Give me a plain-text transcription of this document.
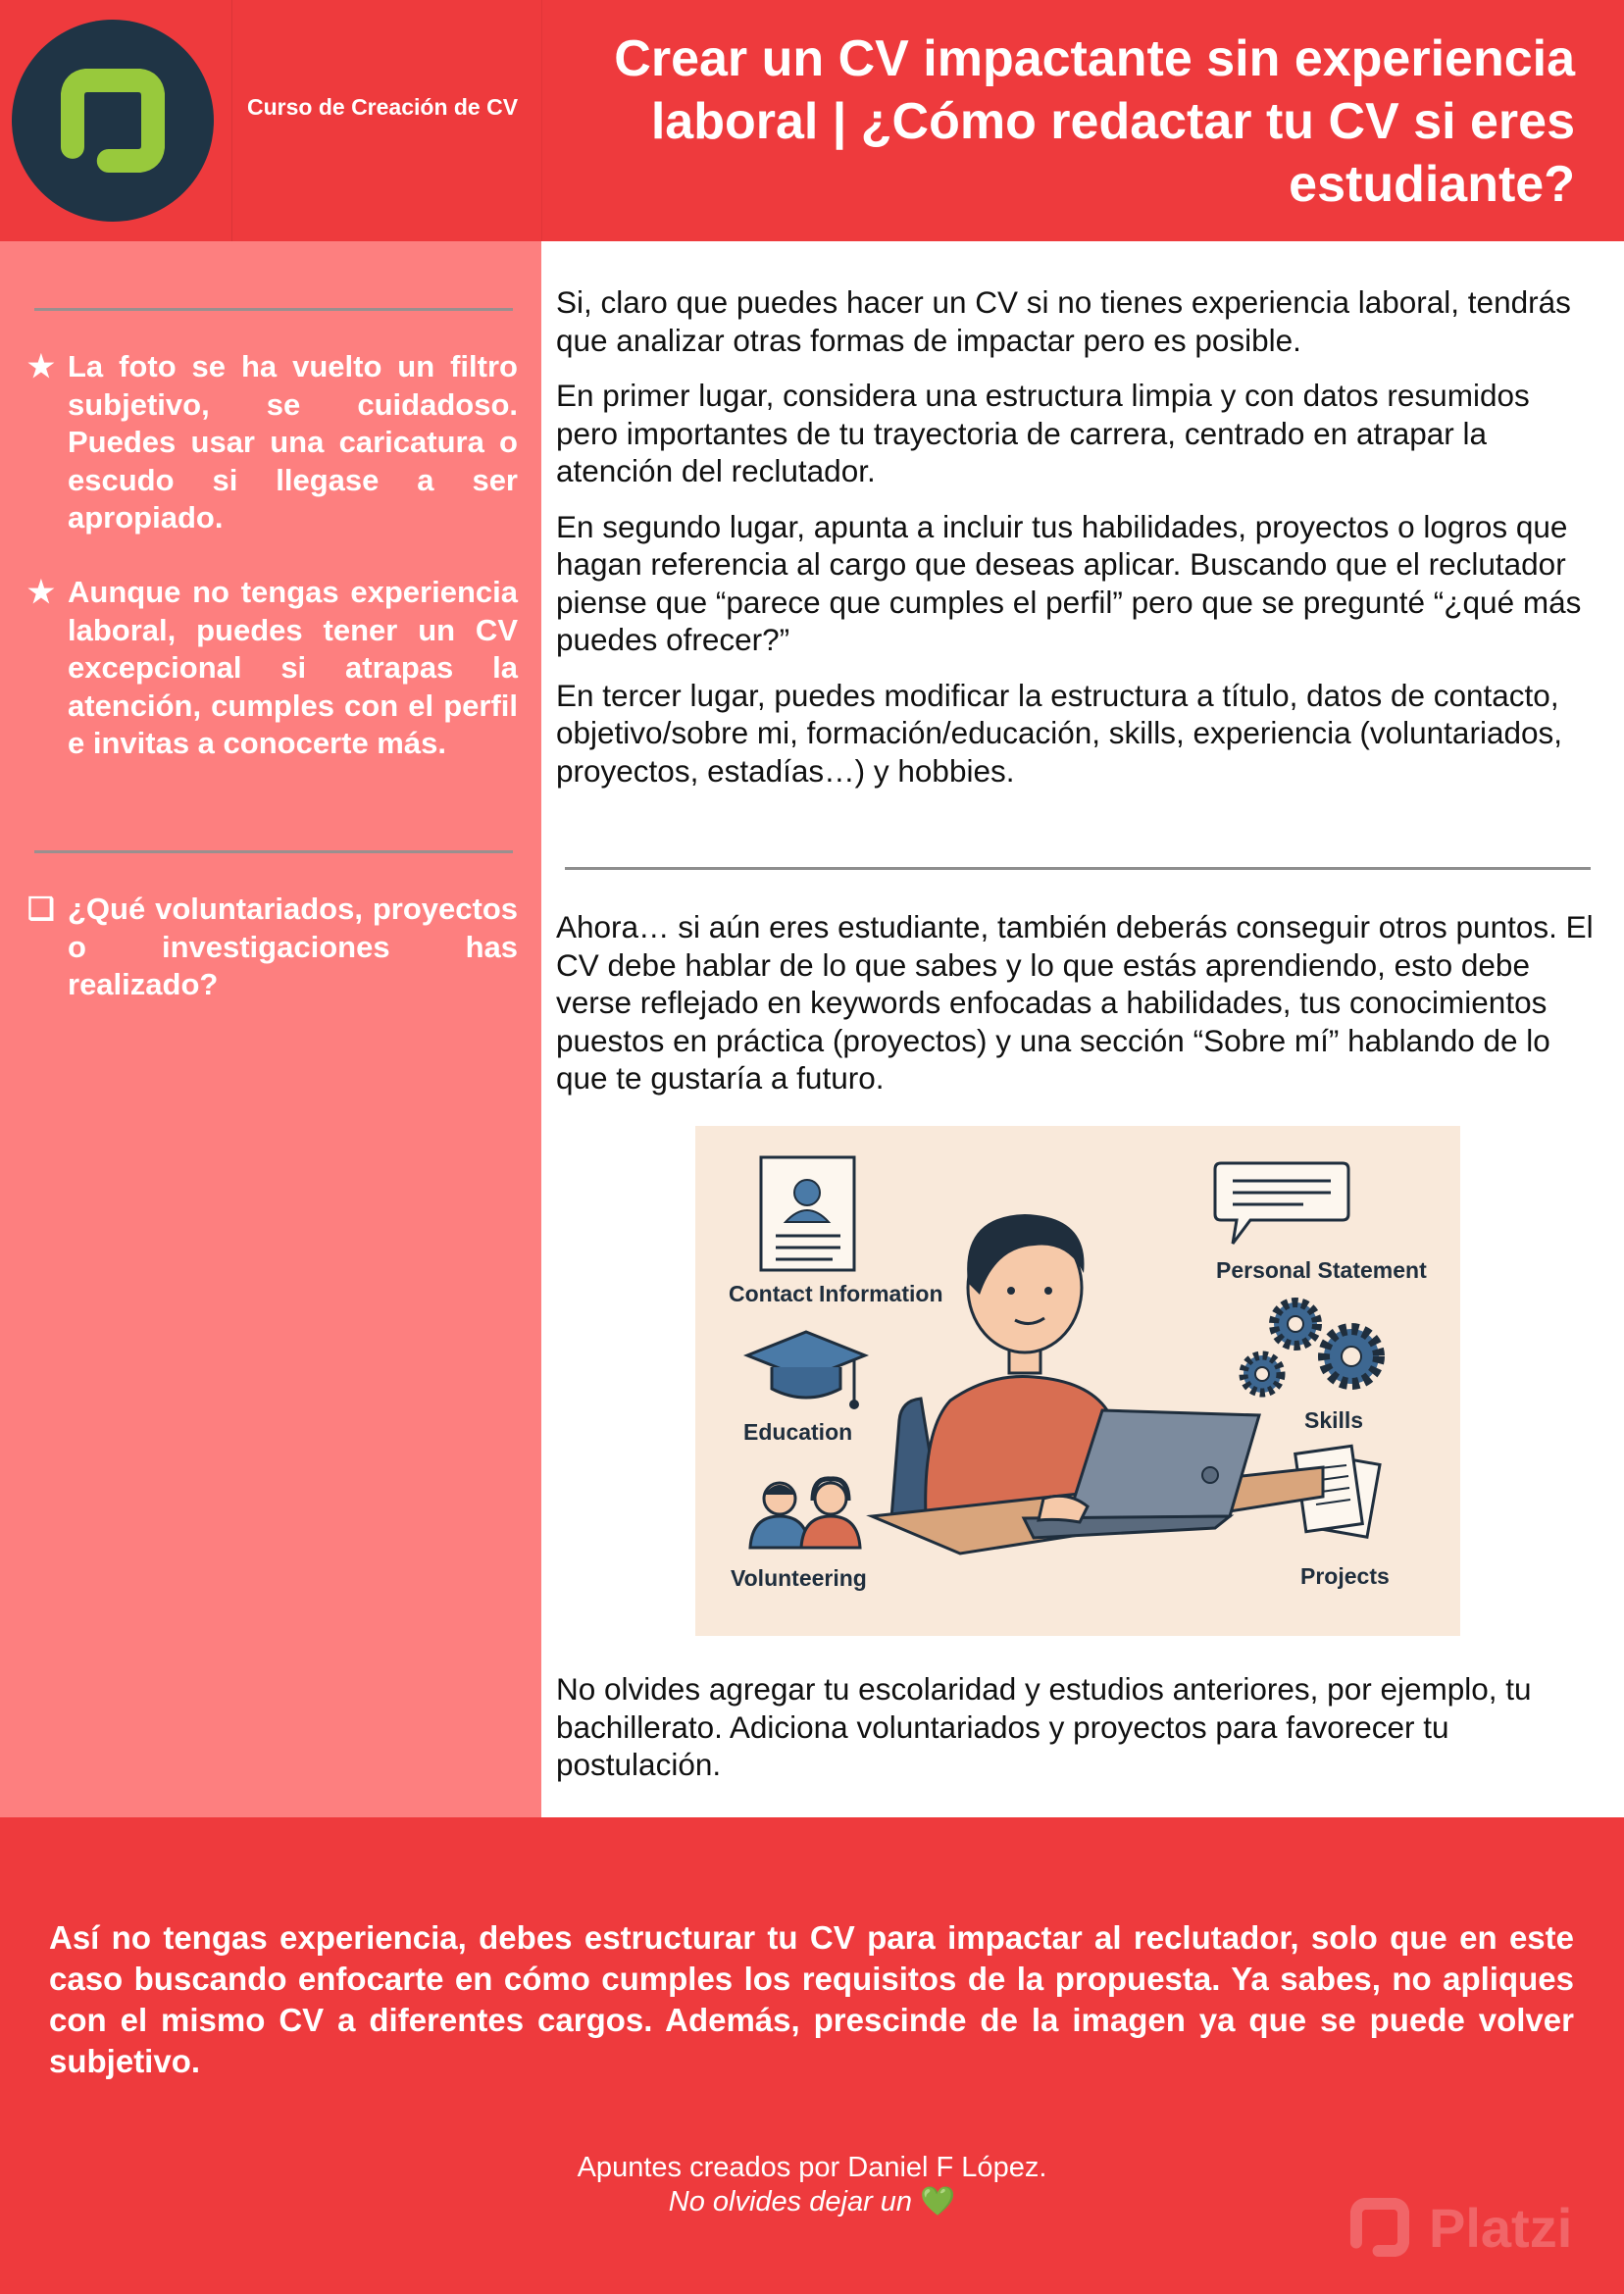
Curso de Creación de CV
Crear un CV impactante sin experiencia laboral | ¿Cómo redactar tu CV si eres estudiante?
★ La foto se ha vuelto un filtro subjetivo, se cuidadoso. Puedes usar una caricatura o escudo si llegase a ser apropiado.
★ Aunque no tengas experiencia laboral, puedes tener un CV excepcional si atrapas la atención, cumples con el perfil e invitas a conocerte más.
❑ ¿Qué voluntariados, proyectos o investigaciones has realizado?

Si, claro que puedes hacer un CV si no tienes experiencia laboral, tendrás que analizar otras formas de impactar pero es posible.

En primer lugar, considera una estructura limpia y con datos resumidos pero importantes de tu trayectoria de carrera, centrado en atrapar la atención del reclutador.

En segundo lugar, apunta a incluir tus habilidades, proyectos o logros que hagan referencia al cargo que deseas aplicar. Buscando que el reclutador piense que “parece que cumples el perfil” pero que se pregunté “¿qué más puedes ofrecer?”

En tercer lugar, puedes modificar la estructura a título, datos de contacto, objetivo/sobre mi, formación/educación, skills, experiencia (voluntariados, proyectos, estadías…) y hobbies.

Ahora… si aún eres estudiante, también deberás conseguir otros puntos. El CV debe hablar de lo que sabes y lo que estás aprendiendo, esto debe verse reflejado en keywords enfocadas a habilidades, tus conocimientos puestos en práctica (proyectos) y una sección “Sobre mí” hablando de lo que te gustaría a futuro.

Contact Information
Personal Statement
Education	Skills
Volunteering	Projects

No olvides agregar tu escolaridad y estudios anteriores, por ejemplo, tu bachillerato. Adiciona voluntariados y proyectos para favorecer tu postulación.

Así no tengas experiencia, debes estructurar tu CV para impactar al reclutador, solo que en este caso buscando enfocarte en cómo cumples los requisitos de la propuesta. Ya sabes, no apliques con el mismo CV a diferentes cargos. Además, prescinde de la imagen ya que se puede volver subjetivo.
Apuntes creados por Daniel F López.
No olvides dejar un 💚	Platzi
